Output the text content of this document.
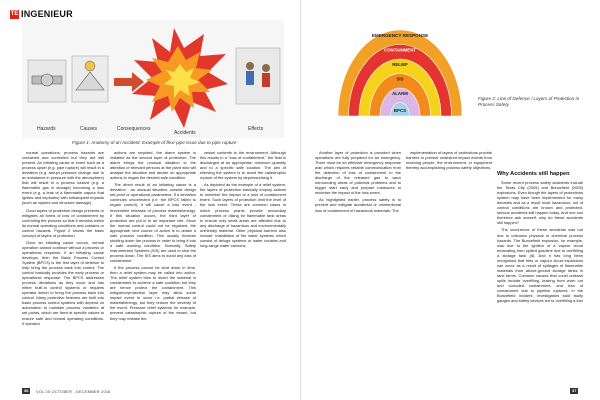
TE INGENIEUR
Hazards	Causes	Consequences
Accidents
Effects
Figure 1: Anatomy of an Accident: Example of flexi-pipe issue due to pipe rupture
EMERGENCY RESPONSE
CONTAINMENT
RELIEF
SIS
ALARM
BPCS
Figure 2: Line of Defence / Layers of Protection in Process Safety

normal operations, process hazards are contained and controlled but they are still present. An initiating cause or event such as a process upset (e.g. pipe rupture) will result in a deviation (e.g. abrupt pressure change due to an imbalance in pressure with the atmosphere) that will result in a process hazard (e.g. a flammable gas in storage) becoming a loss event (e.g. a leak of a flammable vapour that ignites and explodes) with subsequent impacts (such as injuries and structure damage).

Good layers of protection design prevents or mitigates all forms of loss of containment by controlling the process so that it remains within its normal operating conditions and contains or control hazards. Figure 2 shows the basic concept of layers of protection.

Once an initiating cause occurs, normal operation cannot continue without a process or operational response. If an initiating cause develops, then the Basic Process Control System (BPCS) is the first layer of defence to help bring the process back into control. The control basically provides the early process or operational response. The BPCS addresses process deviations as they occur and has either built-in control systems or requires operator action to bring the process back into control. Many protective features are built into basic process control systems with depend on automation to maintain process variables at set points, which are fixed at specific values to ensure safe and normal operating conditions. If operator

actions are required, the alarm system is installed as the second layer of protection. The alarm brings the unusual situation to the attention of relevant persons at the plant who will analyse the situation and decide on appropriate actions to regain the desired safe condition.

The direct result of an initiating cause is a deviation - an unusual situation, outside design set-point or operational parameters. If a deviation continues uncorrected (i.e. the BPCS failed to regain control), it will cause a loss event - irreversible releases of process material/energy. If this situation occurs, the third layer of protection are put in to an important role. Since the normal control could not be regained, the appropriate next course of action is to obtain a safe process condition. This usually involves shutting down the process in order to bring it into a safe working condition. Normally, Safety Instrumented Systems (SIS) are used to shut the process down. The SIS aims to avoid any loss of containment.

If the process cannot be shut down in time, then a relief system may be called into action. The relief system tries to divert the material in containment to achieve a safe condition but they are hence protect the containment. This mitigation/protection layer may allow some impact event to occur i.e. partial release of material/energy, but they reduce the severity of the event. Pressure relief systems for example, prevent catastrophic rupture of the vessel, but they may release the

vessel contents to the environment. Although this results in a "loss of containment," the fluid is discharged at an appropriate, minimum quantity and to a specific safe location. The aim of relieving the system is to avoid the catastrophic rupture of the system by depressurising it.

As depicted as the example of a relief system, the layers of protection basically employ actions to minimise the impact of a loss of containment event. Such layers of protection limit the level of the loss event. These are common cases in which process plants provide secondary containment or diking for flammable tank areas to ensure only small areas are affected due to any discharge of hazardous and environmentally unfriendly material. Other physical barriers also include: installation of fire water systems which consist of deluge systems or water curtains and long-range water cannons.

Another layer of protection is provided when operations are fully prepared for an emergency. There must be an effective emergency response plan which requires reliable communication from the detection of loss of containment to the discharge of the released gas to warn surrounding areas of potential problems and to trigger start early and prepare measures to minimise the impact of the loss event.

As highlighted earlier, process safety is to prevent and mitigate accidental or unintentional loss of containment of hazardous materials. The

implementation of layers of protections provide barriers to prevent undesired impact events from reaching people, the environment, or equipment thereby accomplishing process safety objectives.

Why Accidents still happen

Some recent process safety accidents include the Texas City (2005) and Buncefield (2005) explosions. Even though the layers of protections system may have been implemented for many decades and as a result most hazardous, out of control conditions are known and protected, serious accidents still happen today. And one can therefore ask oneself, why do these accidents still happen?

The occurrence of these accidents was not due to unknown physical or chemical process hazards. The Buncefield explosion, for example, was due to the ignition of a vapour cloud emanating from spilled gasoline due to overfilling a storage tank (8). And it has long been recognised that fires or vapour cloud explosions can occur as a result of spillages of flammable materials from above-ground storage tanks in tank farms. Common causes that could unleash spills include overfilling, leaking from worn out and corroded containment, and loss of containment due to pipeline ruptures. In the Buncefield incident, investigators said faulty gauges and safety devices led to overfilling a fuel

36	VOL 00 OCTOBER - DECEMBER 2016	37
